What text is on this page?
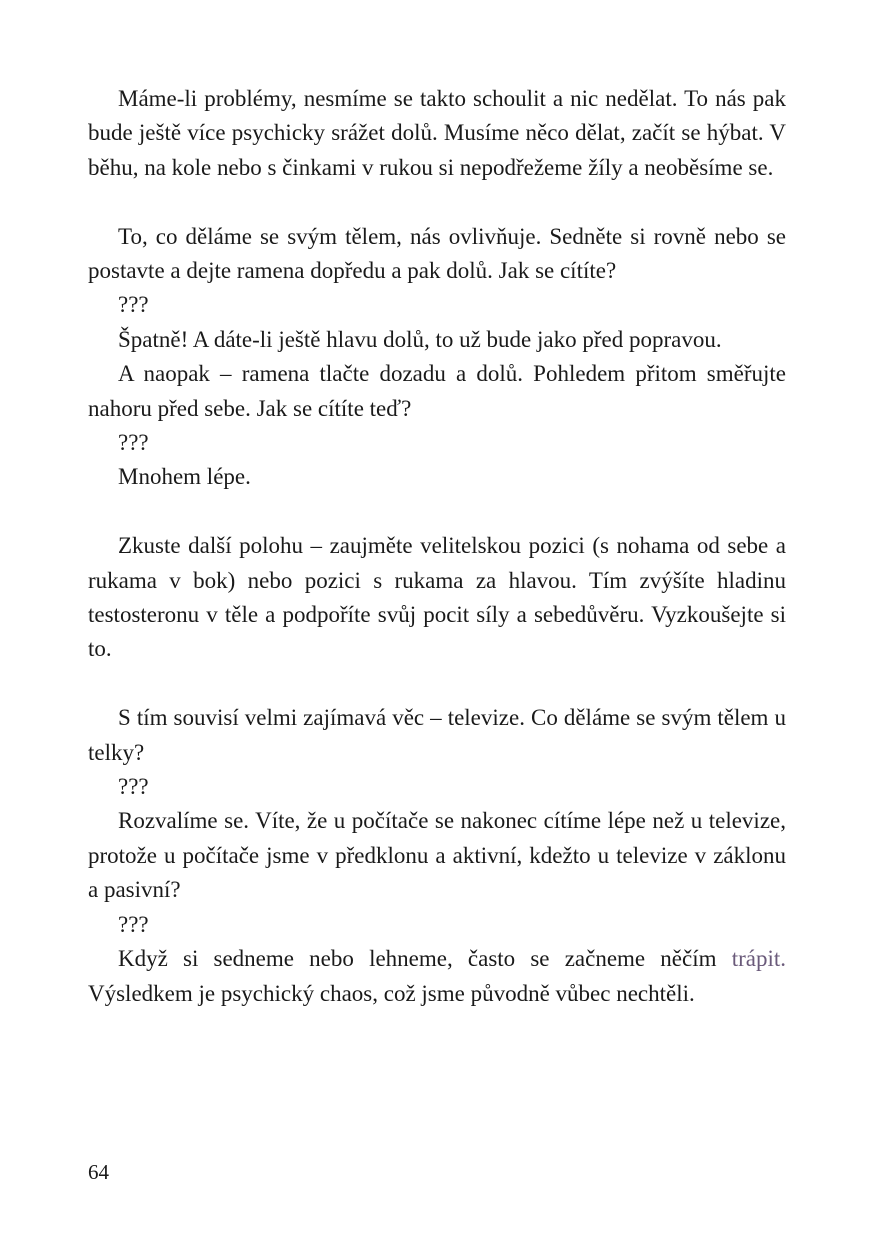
Máme-li problémy, nesmíme se takto schoulit a nic nedělat. To nás pak bude ještě více psychicky srážet dolů. Musíme něco dělat, začít se hýbat. V běhu, na kole nebo s činkami v rukou si nepodřežeme žíly a neoběsíme se.

To, co děláme se svým tělem, nás ovlivňuje. Sedněte si rovně nebo se postavte a dejte ramena dopředu a pak dolů. Jak se cítíte?

???

Špatně! A dáte-li ještě hlavu dolů, to už bude jako před popravou.

A naopak – ramena tlačte dozadu a dolů. Pohledem přitom směřujte nahoru před sebe. Jak se cítíte teď?

???

Mnohem lépe.

Zkuste další polohu – zaujměte velitelskou pozici (s nohama od sebe a rukama v bok) nebo pozici s rukama za hlavou. Tím zvýšíte hladinu testosteronu v těle a podpoříte svůj pocit síly a sebedůvěru. Vyzkoušejte si to.

S tím souvisí velmi zajímavá věc – televize. Co děláme se svým tělem u telky?

???

Rozvalíme se. Víte, že u počítače se nakonec cítíme lépe než u televize, protože u počítače jsme v předklonu a aktivní, kdežto u televize v záklonu a pasivní?

???

Když si sedneme nebo lehneme, často se začneme něčím trápit. Výsledkem je psychický chaos, což jsme původně vůbec nechtěli.

64
